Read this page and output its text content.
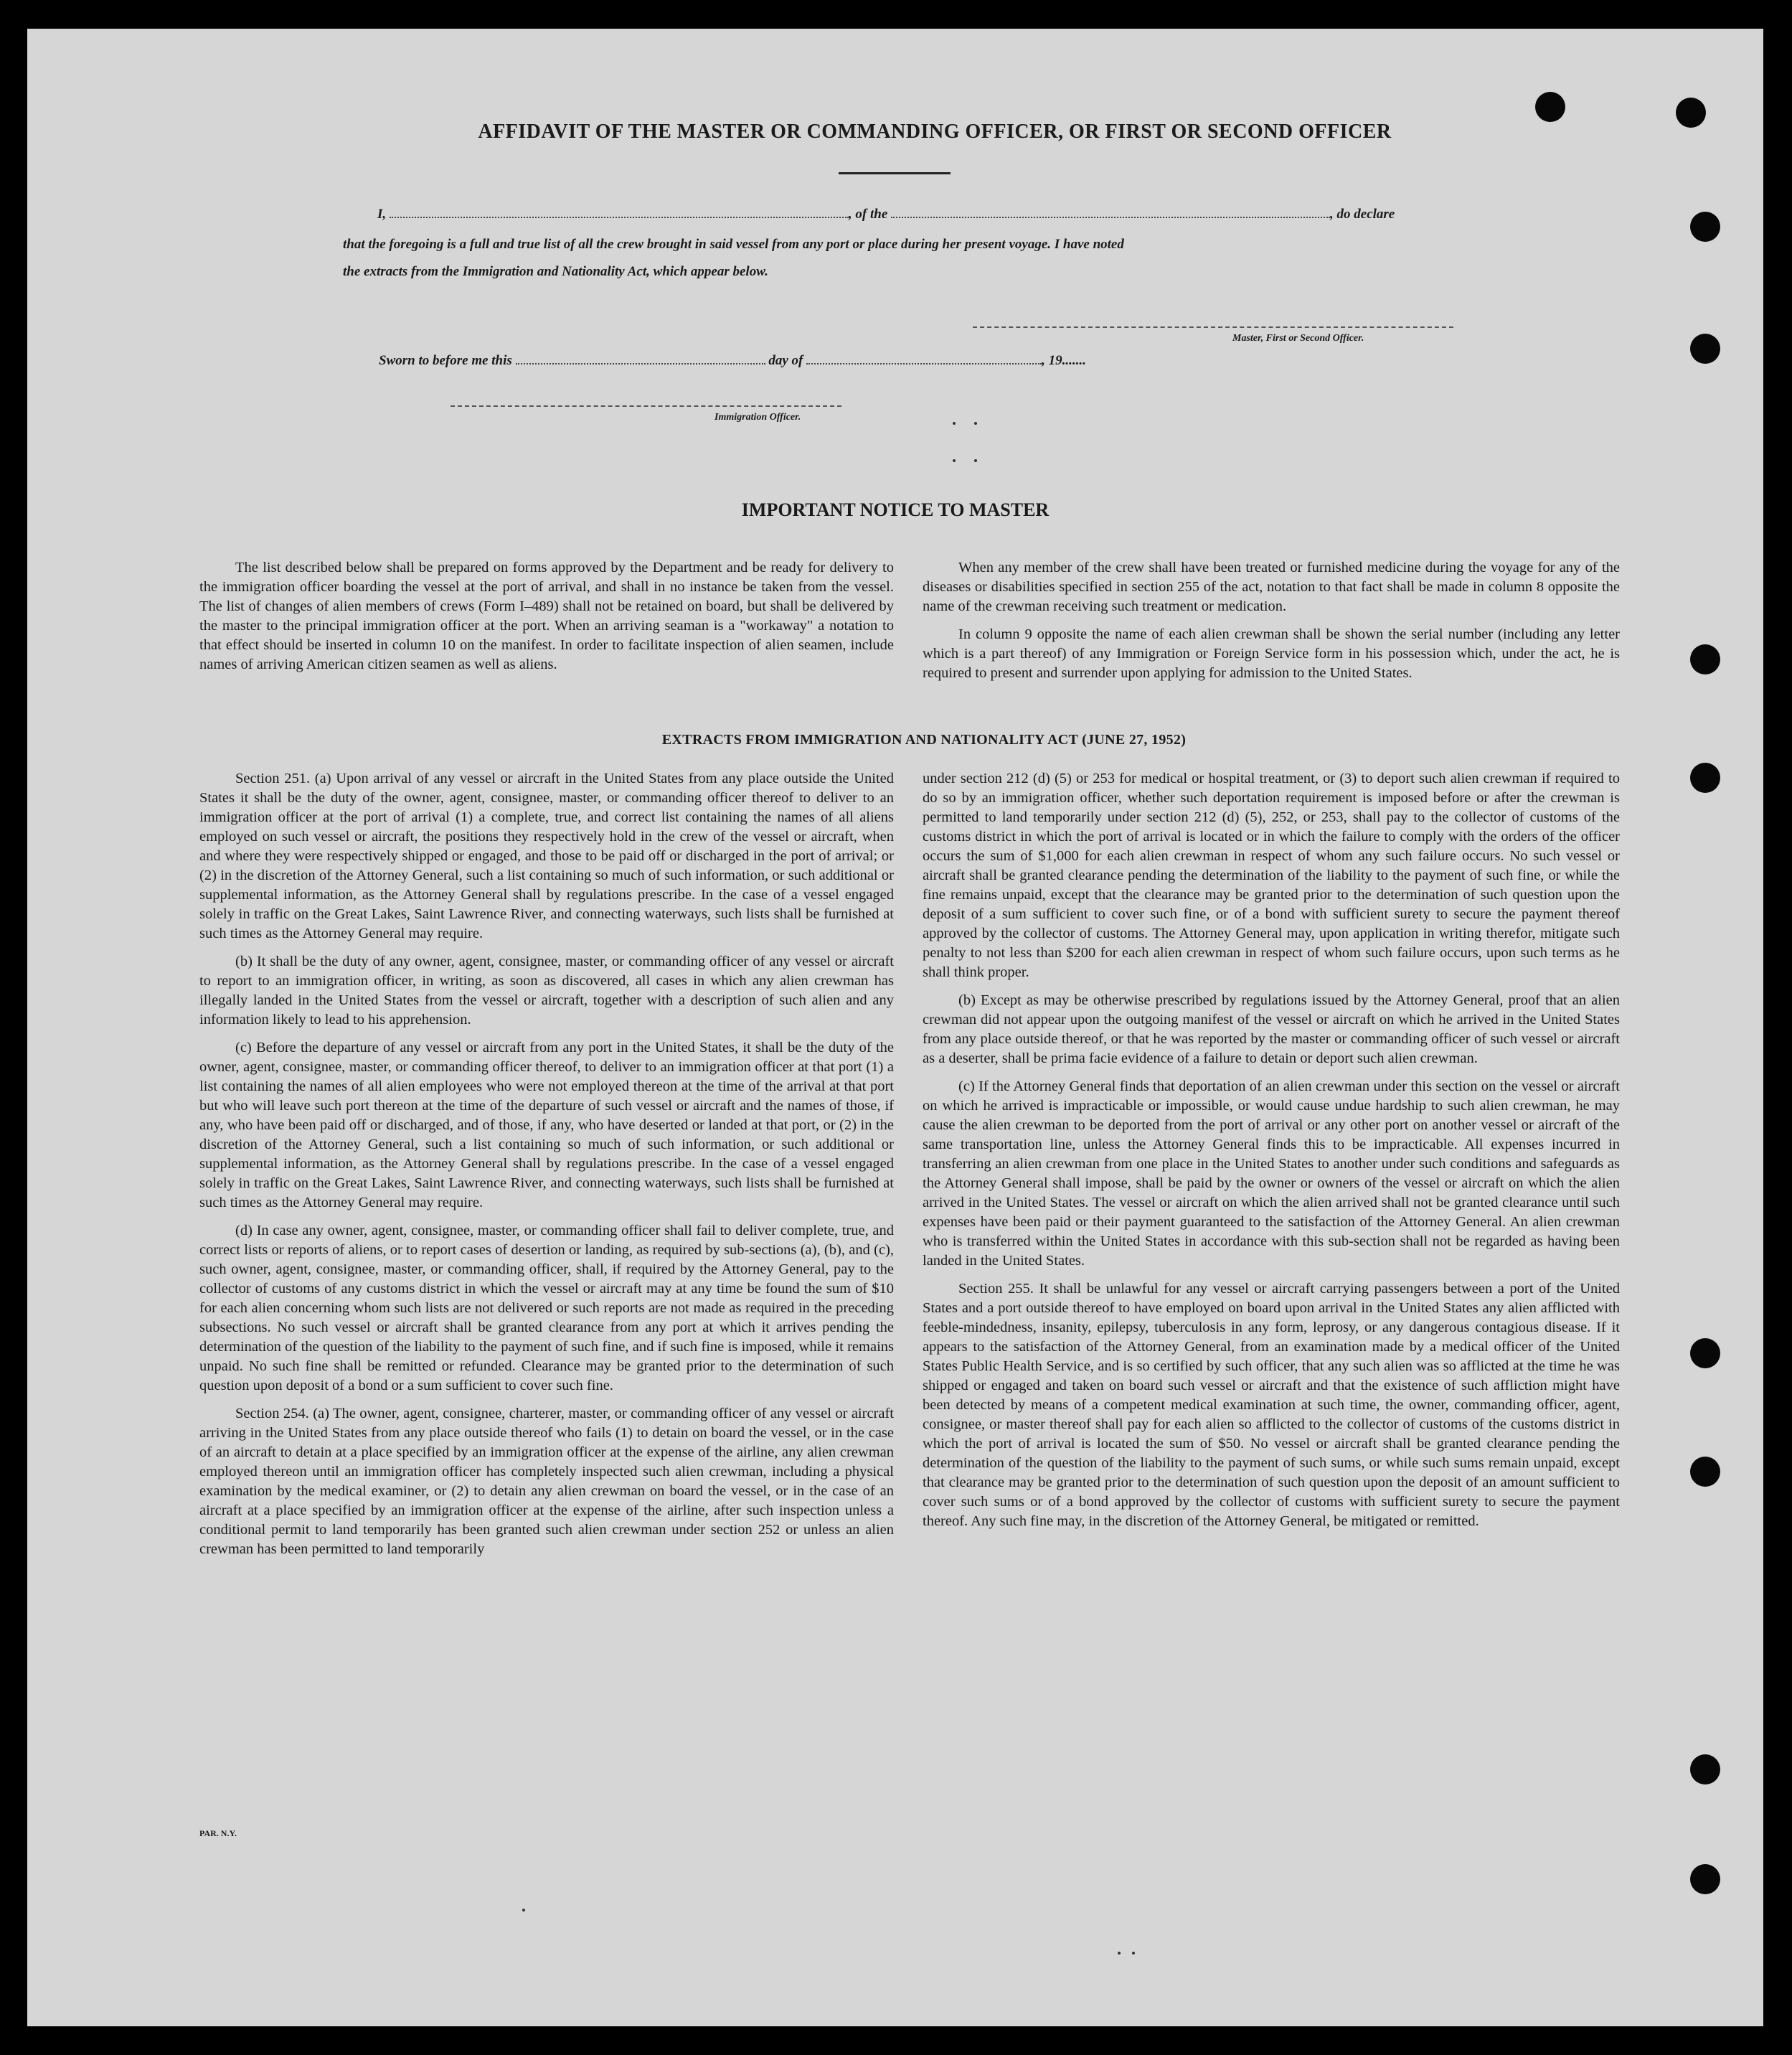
AFFIDAVIT OF THE MASTER OR COMMANDING OFFICER, OR FIRST OR SECOND OFFICER
I,	, of the	, do declare
that the foregoing is a full and true list of all the crew brought in said vessel from any port or place during her present voyage. I have noted
the extracts from the Immigration and Nationality Act, which appear below.
Master, First or Second Officer.
Sworn to before me this	day of	, 19.......
Immigration Officer.
IMPORTANT NOTICE TO MASTER

The list described below shall be prepared on forms approved by the Department and be ready for delivery to the immigration officer boarding the vessel at the port of arrival, and shall in no instance be taken from the vessel. The list of changes of alien members of crews (Form I–489) shall not be retained on board, but shall be delivered by the master to the principal immigration officer at the port. When an arriving seaman is a "workaway" a notation to that effect should be inserted in column 10 on the manifest. In order to facilitate inspection of alien seamen, include names of arriving American citizen seamen as well as aliens.

When any member of the crew shall have been treated or furnished medicine during the voyage for any of the diseases or disabilities specified in section 255 of the act, notation to that fact shall be made in column 8 opposite the name of the crewman receiving such treatment or medication.

In column 9 opposite the name of each alien crewman shall be shown the serial number (including any letter which is a part thereof) of any Immigration or Foreign Service form in his possession which, under the act, he is required to present and surrender upon applying for admission to the United States.

EXTRACTS FROM IMMIGRATION AND NATIONALITY ACT (JUNE 27, 1952)

Section 251. (a) Upon arrival of any vessel or aircraft in the United States from any place outside the United States it shall be the duty of the owner, agent, consignee, master, or commanding officer thereof to deliver to an immigration officer at the port of arrival (1) a complete, true, and correct list containing the names of all aliens employed on such vessel or aircraft, the positions they respectively hold in the crew of the vessel or aircraft, when and where they were respectively shipped or engaged, and those to be paid off or discharged in the port of arrival; or (2) in the discretion of the Attorney General, such a list containing so much of such information, or such additional or supplemental information, as the Attorney General shall by regulations prescribe. In the case of a vessel engaged solely in traffic on the Great Lakes, Saint Lawrence River, and connecting waterways, such lists shall be furnished at such times as the Attorney General may require.

(b) It shall be the duty of any owner, agent, consignee, master, or commanding officer of any vessel or aircraft to report to an immigration officer, in writing, as soon as discovered, all cases in which any alien crewman has illegally landed in the United States from the vessel or aircraft, together with a description of such alien and any information likely to lead to his apprehension.

(c) Before the departure of any vessel or aircraft from any port in the United States, it shall be the duty of the owner, agent, consignee, master, or commanding officer thereof, to deliver to an immigration officer at that port (1) a list containing the names of all alien employees who were not employed thereon at the time of the arrival at that port but who will leave such port thereon at the time of the departure of such vessel or aircraft and the names of those, if any, who have been paid off or discharged, and of those, if any, who have deserted or landed at that port, or (2) in the discretion of the Attorney General, such a list containing so much of such information, or such additional or supplemental information, as the Attorney General shall by regulations prescribe. In the case of a vessel engaged solely in traffic on the Great Lakes, Saint Lawrence River, and connecting waterways, such lists shall be furnished at such times as the Attorney General may require.

(d) In case any owner, agent, consignee, master, or commanding officer shall fail to deliver complete, true, and correct lists or reports of aliens, or to report cases of desertion or landing, as required by sub-sections (a), (b), and (c), such owner, agent, consignee, master, or commanding officer, shall, if required by the Attorney General, pay to the collector of customs of any customs district in which the vessel or aircraft may at any time be found the sum of $10 for each alien concerning whom such lists are not delivered or such reports are not made as required in the preceding subsections. No such vessel or aircraft shall be granted clearance from any port at which it arrives pending the determination of the question of the liability to the payment of such fine, and if such fine is imposed, while it remains unpaid. No such fine shall be remitted or refunded. Clearance may be granted prior to the determination of such question upon deposit of a bond or a sum sufficient to cover such fine.

Section 254. (a) The owner, agent, consignee, charterer, master, or commanding officer of any vessel or aircraft arriving in the United States from any place outside thereof who fails (1) to detain on board the vessel, or in the case of an aircraft to detain at a place specified by an immigration officer at the expense of the airline, any alien crewman employed thereon until an immigration officer has completely inspected such alien crewman, including a physical examination by the medical examiner, or (2) to detain any alien crewman on board the vessel, or in the case of an aircraft at a place specified by an immigration officer at the expense of the airline, after such inspection unless a conditional permit to land temporarily has been granted such alien crewman under section 252 or unless an alien crewman has been permitted to land temporarily

under section 212 (d) (5) or 253 for medical or hospital treatment, or (3) to deport such alien crewman if required to do so by an immigration officer, whether such deportation requirement is imposed before or after the crewman is permitted to land temporarily under section 212 (d) (5), 252, or 253, shall pay to the collector of customs of the customs district in which the port of arrival is located or in which the failure to comply with the orders of the officer occurs the sum of $1,000 for each alien crewman in respect of whom any such failure occurs. No such vessel or aircraft shall be granted clearance pending the determination of the liability to the payment of such fine, or while the fine remains unpaid, except that the clearance may be granted prior to the determination of such question upon the deposit of a sum sufficient to cover such fine, or of a bond with sufficient surety to secure the payment thereof approved by the collector of customs. The Attorney General may, upon application in writing therefor, mitigate such penalty to not less than $200 for each alien crewman in respect of whom such failure occurs, upon such terms as he shall think proper.

(b) Except as may be otherwise prescribed by regulations issued by the Attorney General, proof that an alien crewman did not appear upon the outgoing manifest of the vessel or aircraft on which he arrived in the United States from any place outside thereof, or that he was reported by the master or commanding officer of such vessel or aircraft as a deserter, shall be prima facie evidence of a failure to detain or deport such alien crewman.

(c) If the Attorney General finds that deportation of an alien crewman under this section on the vessel or aircraft on which he arrived is impracticable or impossible, or would cause undue hardship to such alien crewman, he may cause the alien crewman to be deported from the port of arrival or any other port on another vessel or aircraft of the same transportation line, unless the Attorney General finds this to be impracticable. All expenses incurred in transferring an alien crewman from one place in the United States to another under such conditions and safeguards as the Attorney General shall impose, shall be paid by the owner or owners of the vessel or aircraft on which the alien arrived in the United States. The vessel or aircraft on which the alien arrived shall not be granted clearance until such expenses have been paid or their payment guaranteed to the satisfaction of the Attorney General. An alien crewman who is transferred within the United States in accordance with this sub-section shall not be regarded as having been landed in the United States.

Section 255. It shall be unlawful for any vessel or aircraft carrying passengers between a port of the United States and a port outside thereof to have employed on board upon arrival in the United States any alien afflicted with feeble-mindedness, insanity, epilepsy, tuberculosis in any form, leprosy, or any dangerous contagious disease. If it appears to the satisfaction of the Attorney General, from an examination made by a medical officer of the United States Public Health Service, and is so certified by such officer, that any such alien was so afflicted at the time he was shipped or engaged and taken on board such vessel or aircraft and that the existence of such affliction might have been detected by means of a competent medical examination at such time, the owner, commanding officer, agent, consignee, or master thereof shall pay for each alien so afflicted to the collector of customs of the customs district in which the port of arrival is located the sum of $50. No vessel or aircraft shall be granted clearance pending the determination of the question of the liability to the payment of such sums, or while such sums remain unpaid, except that clearance may be granted prior to the determination of such question upon the deposit of an amount sufficient to cover such sums or of a bond approved by the collector of customs with sufficient surety to secure the payment thereof. Any such fine may, in the discretion of the Attorney General, be mitigated or remitted.

PAR. N.Y.
